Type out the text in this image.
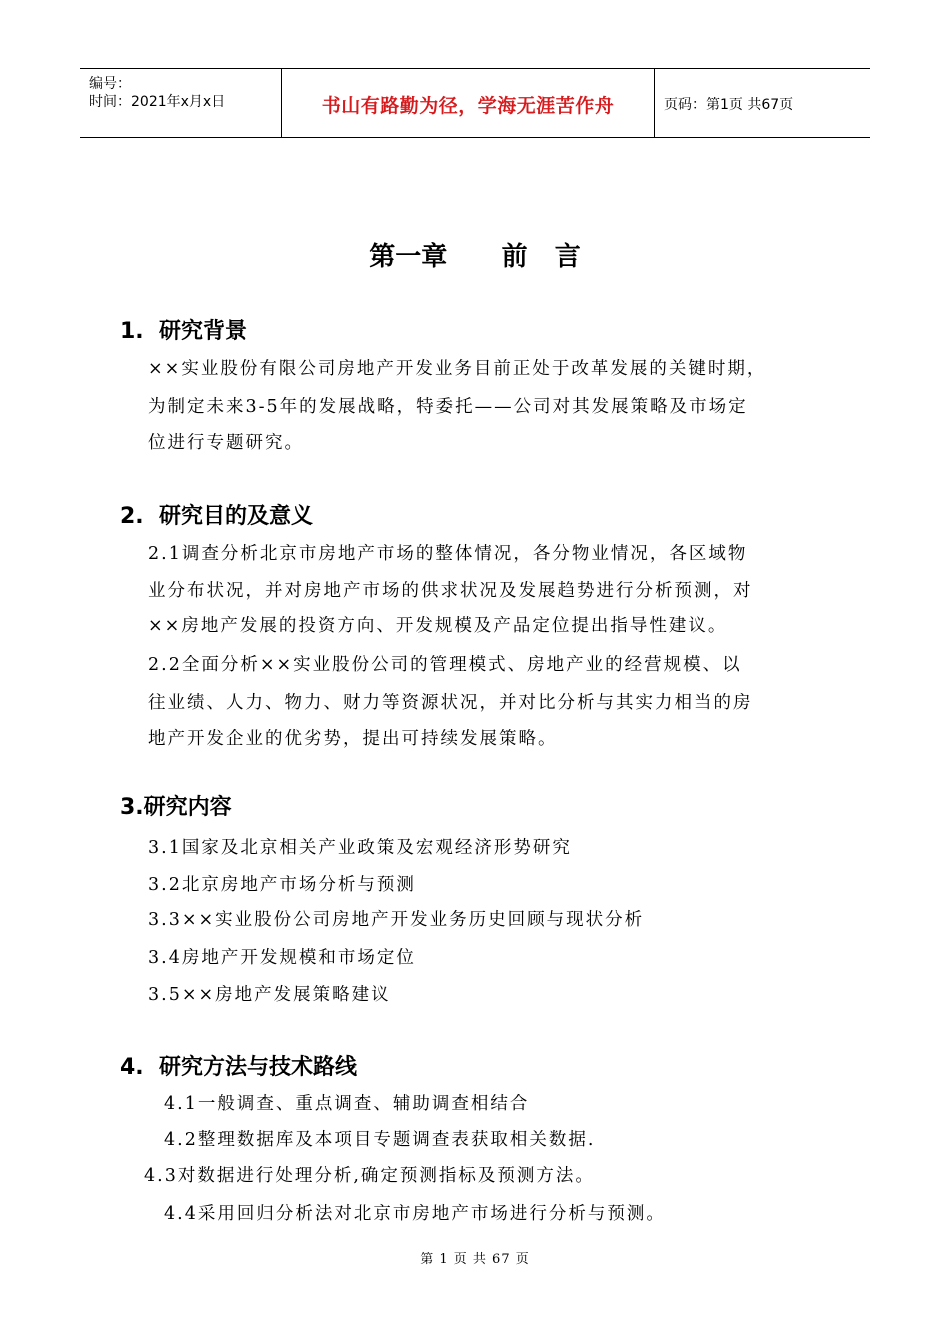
编号：
时间：2021年x月x日	书山有路勤为径，学海无涯苦作舟	页码：第1页 共67页
第一章      前   言
1.  研究背景
××实业股份有限公司房地产开发业务目前正处于改革发展的关键时期，
为制定未来3-5年的发展战略，特委托——公司对其发展策略及市场定
位进行专题研究。
2.  研究目的及意义
2.1调查分析北京市房地产市场的整体情况，各分物业情况，各区域物
业分布状况，并对房地产市场的供求状况及发展趋势进行分析预测，对
××房地产发展的投资方向、开发规模及产品定位提出指导性建议。
2.2全面分析××实业股份公司的管理模式、房地产业的经营规模、以
往业绩、人力、物力、财力等资源状况，并对比分析与其实力相当的房
地产开发企业的优劣势，提出可持续发展策略。
3.研究内容
3.1国家及北京相关产业政策及宏观经济形势研究
3.2北京房地产市场分析与预测
3.3××实业股份公司房地产开发业务历史回顾与现状分析
3.4房地产开发规模和市场定位
3.5××房地产发展策略建议
4.  研究方法与技术路线
4.1一般调查、重点调查、辅助调查相结合
4.2整理数据库及本项目专题调查表获取相关数据.
4.3对数据进行处理分析,确定预测指标及预测方法。
4.4采用回归分析法对北京市房地产市场进行分析与预测。
第 1 页 共 67 页
